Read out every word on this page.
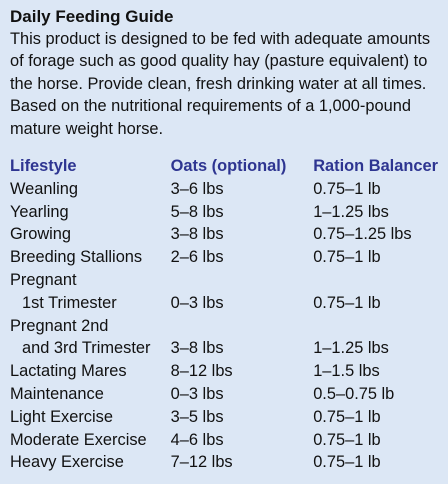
Daily Feeding Guide

This product is designed to be fed with adequate amounts of forage such as good quality hay (pasture equivalent) to the horse. Provide clean, fresh drinking water at all times. Based on the nutritional requirements of a 1,000-pound mature weight horse.

Lifestyle	Oats (optional)	Ration Balancer
Weanling	3–6 lbs	0.75–1 lb
Yearling	5–8 lbs	1–1.25 lbs
Growing	3–8 lbs	0.75–1.25 lbs
Breeding Stallions	2–6 lbs	0.75–1 lb

Pregnant
1st Trimester	0–3 lbs	0.75–1 lb

Pregnant 2nd
and 3rd Trimester	3–8 lbs	1–1.25 lbs
Lactating Mares	8–12 lbs	1–1.5 lbs
Maintenance	0–3 lbs	0.5–0.75 lb
Light Exercise	3–5 lbs	0.75–1 lb
Moderate Exercise	4–6 lbs	0.75–1 lb
Heavy Exercise	7–12 lbs	0.75–1 lb
